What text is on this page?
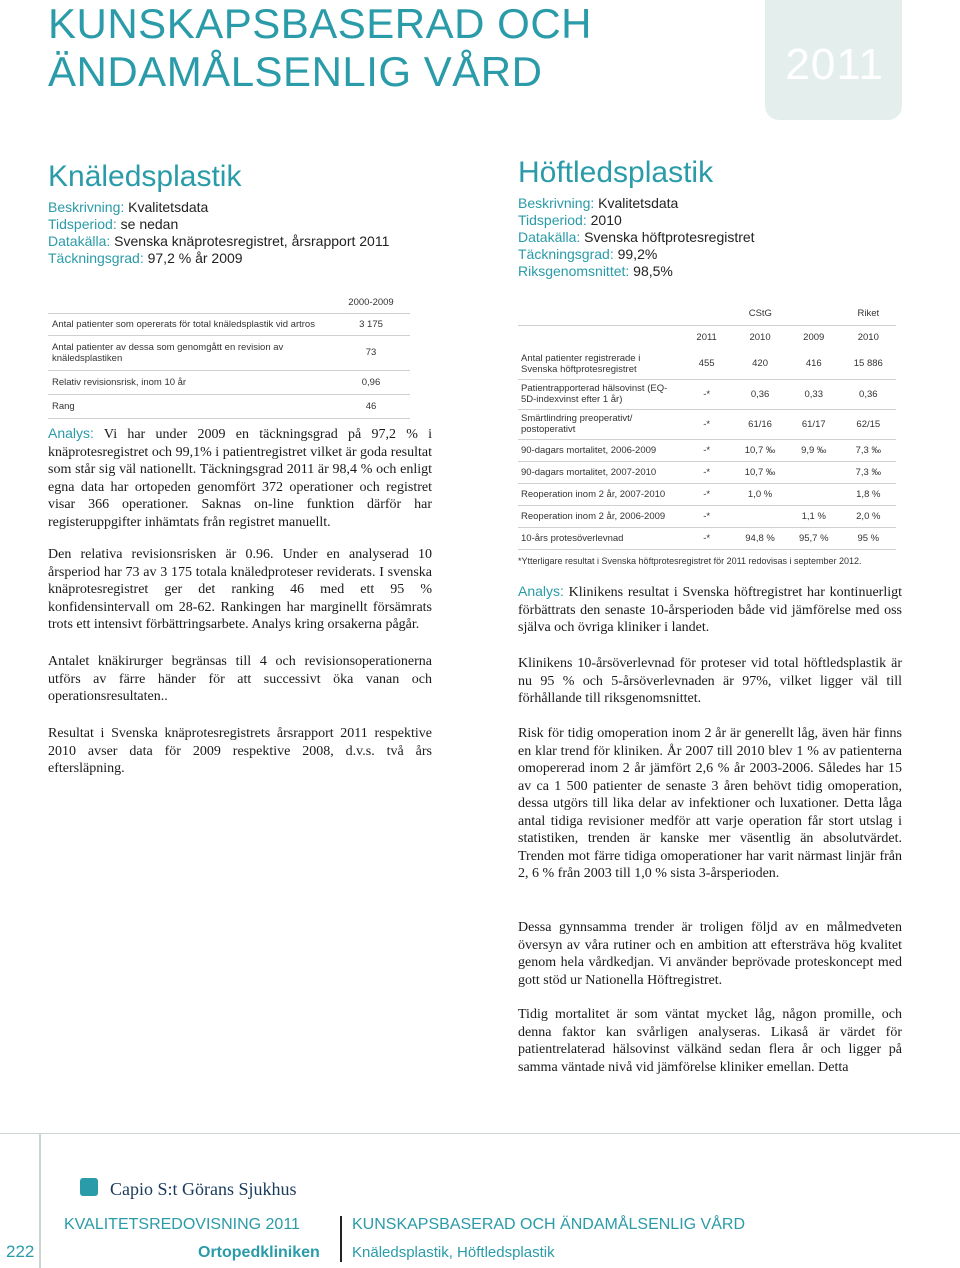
KUNSKAPSBASERAD OCH
ÄNDAMÅLSENLIG VÅRD	2011
Knäledsplastik
Beskrivning: Kvalitetsdata
Tidsperiod: se nedan
Datakälla: Svenska knäprotesregistret, årsrapport 2011
Täckningsgrad: 97,2 % år 2009
	2000-2009
Antal patienter som opererats för total knäledsplastik vid artros	3 175
Antal patienter av dessa som genomgått en revision av knäledsplastiken	73
Relativ revisionsrisk, inom 10 år	0,96
Rang	46
Analys: Vi har under 2009 en täckningsgrad på 97,2 % i knäprotesregistret och 99,1% i patientregistret vilket är goda resultat som står sig väl nationellt. Täckningsgrad 2011 är 98,4 % och enligt egna data har ortopeden genomfört 372 operationer och registret visar 366 operationer. Saknas on-line funktion därför har registeruppgifter inhämtats från registret manuellt.
Den relativa revisionsrisken är 0.96. Under en analyserad 10 årsperiod har 73 av 3 175 totala knäledproteser reviderats. I svenska knäprotesregistret ger det ranking 46 med ett 95 % konfidensintervall om 28-62. Rankingen har marginellt försämrats trots ett intensivt förbättringsarbete. Analys kring orsakerna pågår.
Antalet knäkirurger begränsas till 4 och revisionsoperationerna utförs av färre händer för att successivt öka vanan och operationsresultaten..
Resultat i Svenska knäprotesregistrets årsrapport 2011 respektive 2010 avser data för 2009 respektive 2008, d.v.s. två års eftersläpning.
Höftledsplastik
Beskrivning: Kvalitetsdata
Tidsperiod: 2010
Datakälla: Svenska höftprotesregistret
Täckningsgrad: 99,2%
Riksgenomsnittet: 98,5%
	CStG			Riket
	2011	2010	2009	2010
Antal patienter registrerade i Svenska höftprotesregistret	455	420	416	15 886
Patientrapporterad hälsovinst (EQ-5D-indexvinst efter 1 år)	-*	0,36	0,33	0,36
Smärtlindring preoperativt/ postoperativt	-*	61/16	61/17	62/15
90-dagars mortalitet, 2006-2009	-*	10,7 ‰	9,9 ‰	7,3 ‰
90-dagars mortalitet, 2007-2010	-*	10,7 ‰		7,3 ‰
Reoperation inom 2 år, 2007-2010	-*	1,0 %		1,8 %
Reoperation inom 2 år, 2006-2009	-*		1,1 %	2,0 %
10-års protesöverlevnad	-*	94,8 %	95,7 %	95 %
*Ytterligare resultat i Svenska höftprotesregistret för 2011 redovisas i september 2012.
Analys: Klinikens resultat i Svenska höftregistret har kontinuerligt förbättrats den senaste 10-årsperioden både vid jämförelse med oss själva och övriga kliniker i landet.
Klinikens 10-årsöverlevnad för proteser vid total höftledsplastik är nu 95 % och 5-årsöverlevnaden är 97%, vilket ligger väl till förhållande till riksgenomsnittet.
Risk för tidig omoperation inom 2 år är generellt låg, även här finns en klar trend för kliniken. År 2007 till 2010 blev 1 % av patienterna omopererad inom 2 år jämfört 2,6 % år 2003-2006. Således har 15 av ca 1 500 patienter de senaste 3 åren behövt tidig omoperation, dessa utgörs till lika delar av infektioner och luxationer. Detta låga antal tidiga revisioner medför att varje operation får stort utslag i statistiken, trenden är kanske mer väsentlig än absolutvärdet. Trenden mot färre tidiga omoperationer har varit närmast linjär från 2, 6 % från 2003 till 1,0 % sista 3-årsperioden.
Dessa gynnsamma trender är troligen följd av en målmedveten översyn av våra rutiner och en ambition att eftersträva hög kvalitet genom hela vårdkedjan. Vi använder beprövade proteskoncept med gott stöd ur Nationella Höftregistret.
Tidig mortalitet är som väntat mycket låg, någon promille, och denna faktor kan svårligen analyseras. Likaså är värdet för patientrelaterad hälsovinst välkänd sedan flera år och ligger på samma väntade nivå vid jämförelse kliniker emellan. Detta
Capio S:t Görans Sjukhus
222
KVALITETSREDOVISNING 2011
Ortopedkliniken
KUNSKAPSBASERAD OCH ÄNDAMÅLSENLIG VÅRD
Knäledsplastik, Höftledsplastik
